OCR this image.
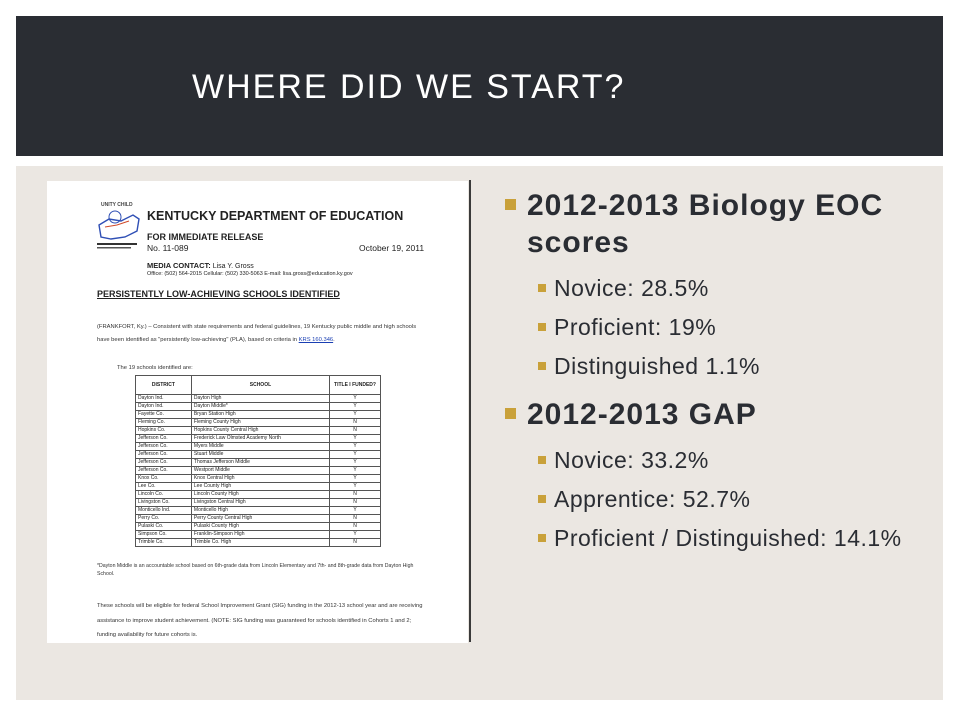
WHERE DID WE START?
UNITY CHILD
KENTUCKY DEPARTMENT OF EDUCATION
FOR IMMEDIATE RELEASE
No. 11-089	October 19, 2011
MEDIA CONTACT: Lisa Y. Gross
Office: (502) 564-2015 Cellular: (502) 330-5063 E-mail: lisa.gross@education.ky.gov
PERSISTENTLY LOW-ACHIEVING SCHOOLS IDENTIFIED
(FRANKFORT, Ky.) – Consistent with state requirements and federal guidelines, 19 Kentucky public middle and high schools have been identified as "persistently low-achieving" (PLA), based on criteria in KRS 160.346.
The 19 schools identified are:
DISTRICT	SCHOOL	TITLE I FUNDED?
Dayton Ind.	Dayton High	Y
Dayton Ind.	Dayton Middle*	Y
Fayette Co.	Bryan Station High	Y
Fleming Co.	Fleming County High	N
Hopkins Co.	Hopkins County Central High	N
Jefferson Co.	Frederick Law Olmsted Academy North	Y
Jefferson Co.	Myers Middle	Y
Jefferson Co.	Stuart Middle	Y
Jefferson Co.	Thomas Jefferson Middle	Y
Jefferson Co.	Westport Middle	Y
Knox Co.	Knox Central High	Y
Lee Co.	Lee County High	Y
Lincoln Co.	Lincoln County High	N
Livingston Co.	Livingston Central High	N
Monticello Ind.	Monticello High	Y
Perry Co.	Perry County Central High	N
Pulaski Co.	Pulaski County High	N
Simpson Co.	Franklin-Simpson High	Y
Trimble Co.	Trimble Co. High	N
*Dayton Middle is an accountable school based on 6th-grade data from Lincoln Elementary and 7th- and 8th-grade data from Dayton High School.
These schools will be eligible for federal School Improvement Grant (SIG) funding in the 2012-13 school year and are receiving assistance to improve student achievement. (NOTE: SIG funding was guaranteed for schools identified in Cohorts 1 and 2; funding availability for future cohorts is.
2012-2013 Biology EOC scores
Novice: 28.5%
Proficient: 19%
Distinguished 1.1%
2012-2013 GAP
Novice: 33.2%
Apprentice: 52.7%
Proficient / Distinguished: 14.1%
